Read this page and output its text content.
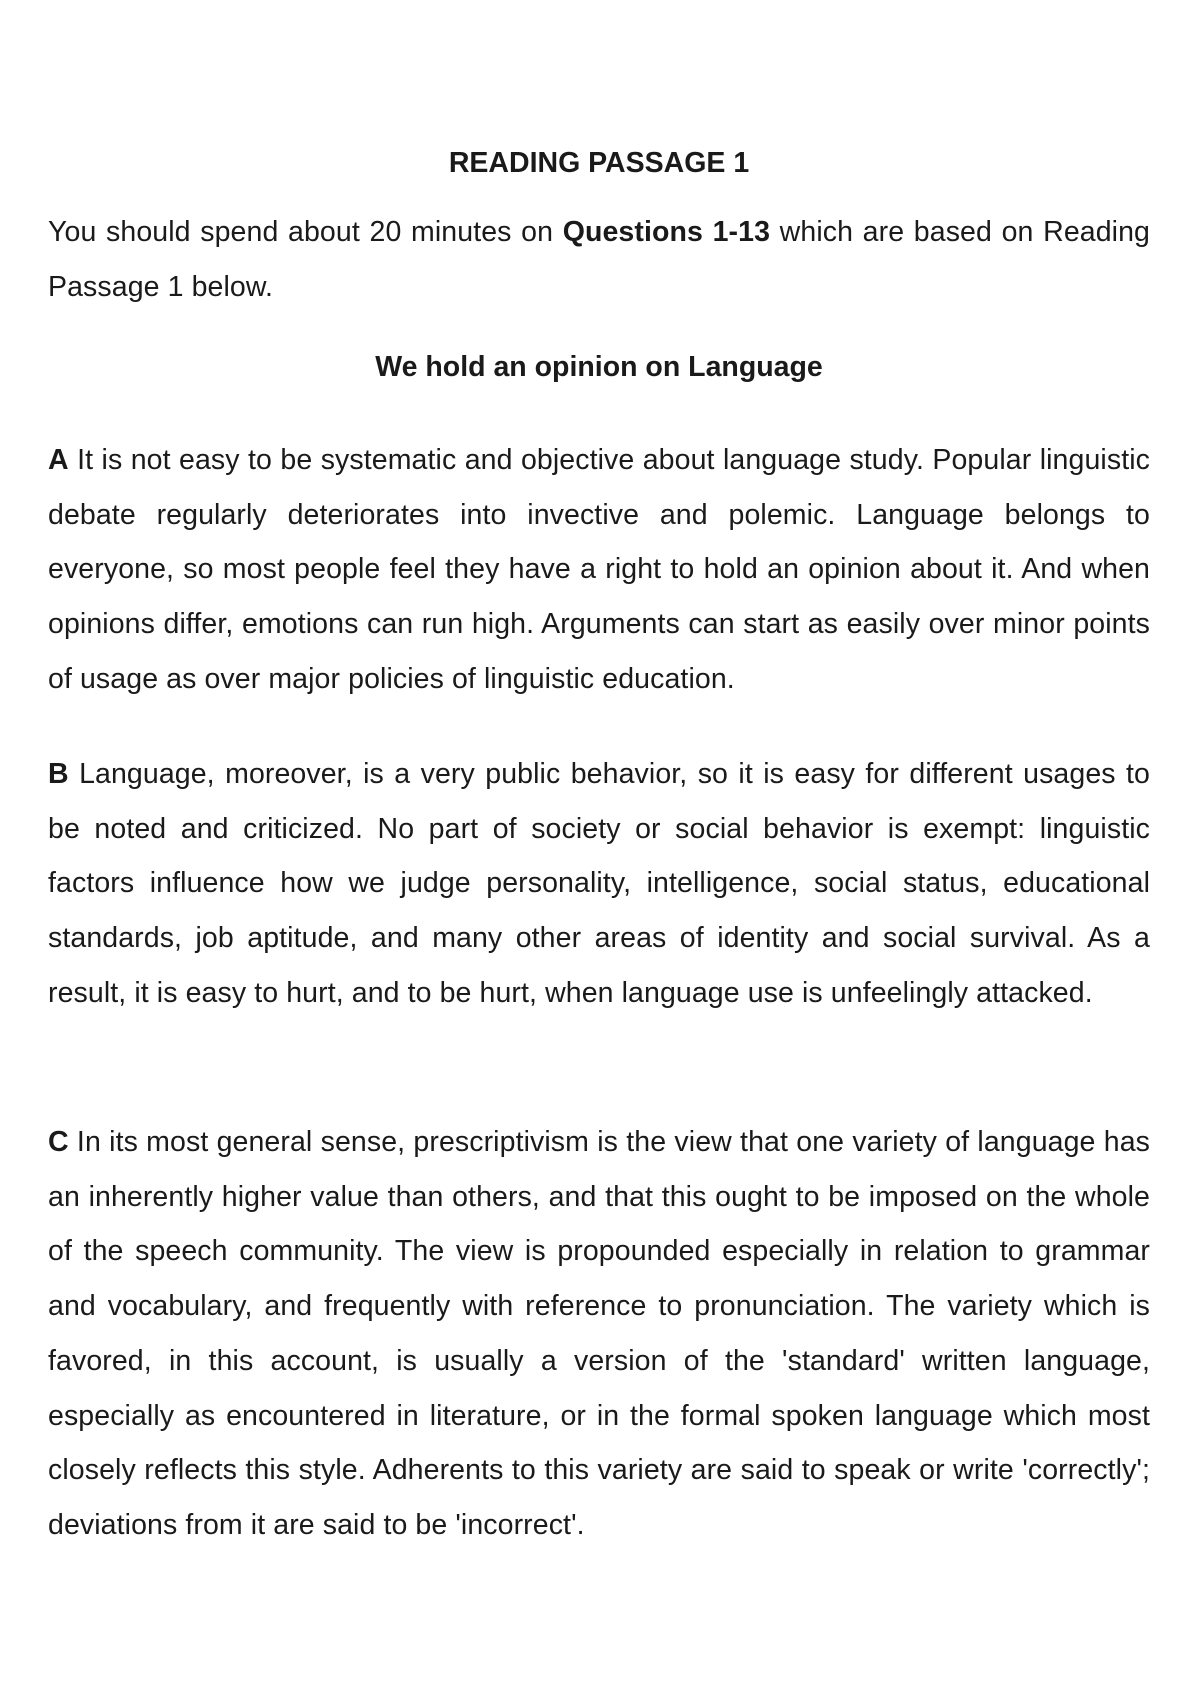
READING PASSAGE 1

You should spend about 20 minutes on Questions 1-13 which are based on Reading Passage 1 below.

We hold an opinion on Language

A It is not easy to be systematic and objective about language study. Popular linguistic debate regularly deteriorates into invective and polemic. Language belongs to everyone, so most people feel they have a right to hold an opinion about it. And when opinions differ, emotions can run high. Arguments can start as easily over minor points of usage as over major policies of linguistic education.

B Language, moreover, is a very public behavior, so it is easy for different usages to be noted and criticized. No part of society or social behavior is exempt: linguistic factors influence how we judge personality, intelligence, social status, educational standards, job aptitude, and many other areas of identity and social survival. As a result, it is easy to hurt, and to be hurt, when language use is unfeelingly attacked.

C In its most general sense, prescriptivism is the view that one variety of language has an inherently higher value than others, and that this ought to be imposed on the whole of the speech community. The view is propounded especially in relation to grammar and vocabulary, and frequently with reference to pronunciation. The variety which is favored, in this account, is usually a version of the 'standard' written language, especially as encountered in literature, or in the formal spoken language which most closely reflects this style. Adherents to this variety are said to speak or write 'correctly'; deviations from it are said to be 'incorrect'.
